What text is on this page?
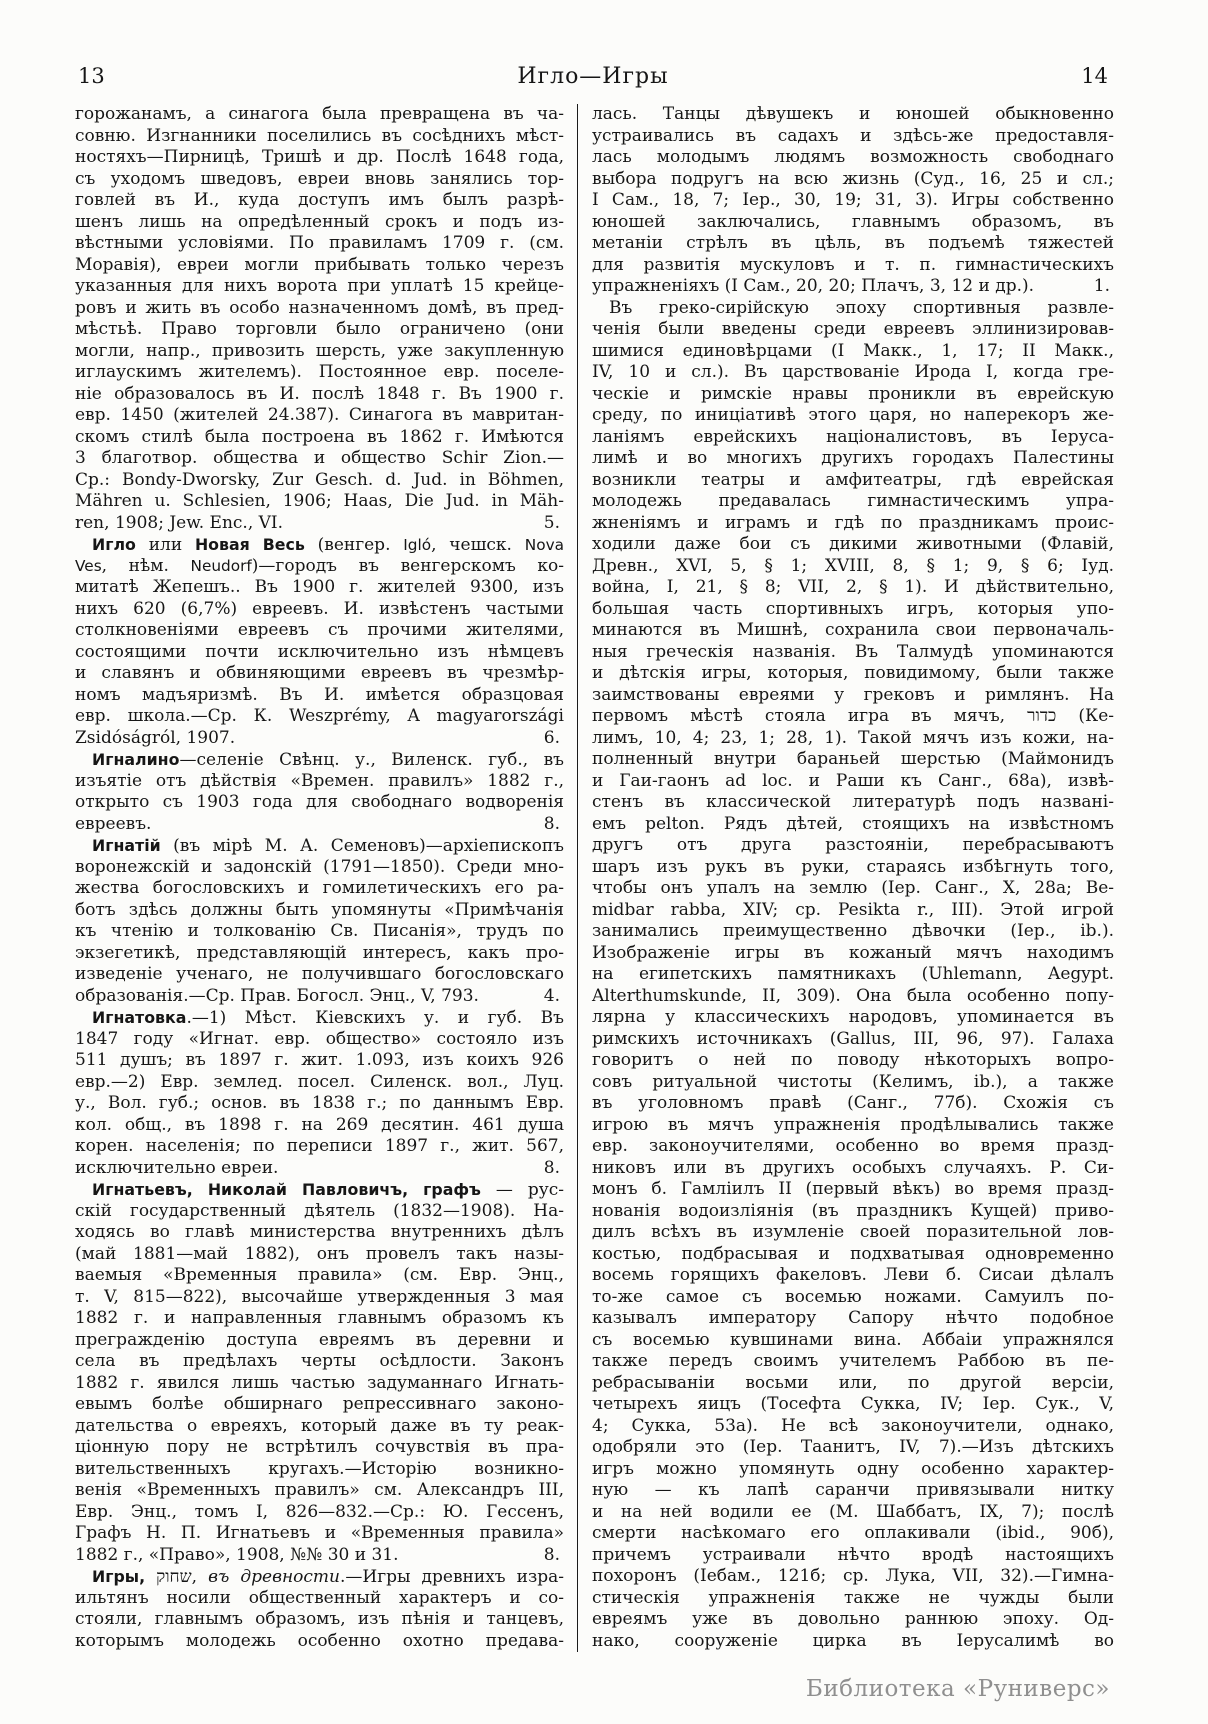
13	Игло—Игры	14
горожанамъ, а синагога была превращена въ ча-
совню. Изгнанники поселились въ сосѣднихъ мѣст-
ностяхъ—Пирницѣ, Тришѣ и др. Послѣ 1648 года,
съ уходомъ шведовъ, евреи вновь занялись тор-
говлей въ И., куда доступъ имъ былъ разрѣ-
шенъ лишь на опредѣленный срокъ и подъ из-
вѣстными условіями. По правиламъ 1709 г. (см.
Моравія), евреи могли прибывать только черезъ
указанныя для нихъ ворота при уплатѣ 15 крейце-
ровъ и жить въ особо назначенномъ домѣ, въ пред-
мѣстьѣ. Право торговли было ограничено (они
могли, напр., привозить шерсть, уже закупленную
иглаускимъ жителемъ). Постоянное евр. поселе-
ніе образовалось въ И. послѣ 1848 г. Въ 1900 г.
евр. 1450 (жителей 24.387). Синагога въ мавритан-
скомъ стилѣ была построена въ 1862 г. Имѣются
3 благотвор. общества и общество Schir Zion.—
Ср.: Bondy-Dworsky, Zur Gesch. d. Jud. in Böhmen,
Mähren u. Schlesien, 1906; Haas, Die Jud. in Mäh-
ren, 1908; Jew. Enc., VI.	5.
 Игло или Новая Весь (венгер. Igló, чешск. Nova
Ves, нѣм. Neudorf)—городъ въ венгерскомъ ко-
митатѣ Жепешъ.. Въ 1900 г. жителей 9300, изъ
нихъ 620 (6,7%) евреевъ. И. извѣстенъ частыми
столкновеніями евреевъ съ прочими жителями,
состоящими почти исключительно изъ нѣмцевъ
и славянъ и обвиняющими евреевъ въ чрезмѣр-
номъ мадъяризмѣ. Въ И. имѣется образцовая
евр. школа.—Ср. К. Weszprémy, A magyarországi
Zsidóságról, 1907.	6.
 Игналино—селеніе Свѣнц. у., Виленск. губ., въ
изъятіе отъ дѣйствія «Времен. правилъ» 1882 г.,
открыто съ 1903 года для свободнаго водворенія
евреевъ.	8.
 Игнатій (въ мірѣ М. А. Семеновъ)—архіепископъ
воронежскій и задонскій (1791—1850). Среди мно-
жества богословскихъ и гомилетическихъ его ра-
ботъ здѣсь должны быть упомянуты «Примѣчанія
къ чтенію и толкованію Св. Писанія», трудъ по
экзегетикѣ, представляющій интересъ, какъ про-
изведеніе ученаго, не получившаго богословскаго
образованія.—Ср. Прав. Богосл. Энц., V, 793.	4.
 Игнатовка.—1) Мѣст. Кіевскихъ у. и губ. Въ
1847 году «Игнат. евр. общество» состояло изъ
511 душъ; въ 1897 г. жит. 1.093, изъ коихъ 926
евр.—2) Евр. землед. посел. Силенск. вол., Луц.
у., Вол. губ.; основ. въ 1838 г.; по даннымъ Евр.
кол. общ., въ 1898 г. на 269 десятин. 461 душа
корен. населенія; по переписи 1897 г., жит. 567,
исключительно евреи.	8.
 Игнатьевъ, Николай Павловичъ, графъ — рус-
скій государственный дѣятель (1832—1908). На-
ходясь во главѣ министерства внутреннихъ дѣлъ
(май 1881—май 1882), онъ провелъ такъ назы-
ваемыя «Временныя правила» (см. Евр. Энц.,
т. V, 815—822), высочайше утвержденныя 3 мая
1882 г. и направленныя главнымъ образомъ къ
прегражденію доступа евреямъ въ деревни и
села въ предѣлахъ черты осѣдлости. Законъ
1882 г. явился лишь частью задуманнаго Игнать-
евымъ болѣе обширнаго репрессивнаго законо-
дательства о евреяхъ, который даже въ ту реак-
ціонную пору не встрѣтилъ сочувствія въ пра-
вительственныхъ кругахъ.—Исторію возникно-
венія «Временныхъ правилъ» см. Александръ III,
Евр. Энц., томъ I, 826—832.—Ср.: Ю. Гессенъ,
Графъ Н. П. Игнатьевъ и «Временныя правила»
1882 г., «Право», 1908, №№ 30 и 31.	8.
 Игры, שחוק, въ древности.—Игры древнихъ изра-
ильтянъ носили общественный характеръ и со-
стояли, главнымъ образомъ, изъ пѣнія и танцевъ,
которымъ молодежь особенно охотно предава-
лась. Танцы дѣвушекъ и юношей обыкновенно
устраивались въ садахъ и здѣсь-же предоставля-
лась молодымъ людямъ возможность свободнаго
выбора подругъ на всю жизнь (Суд., 16, 25 и сл.;
I Сам., 18, 7; Іер., 30, 19; 31, 3). Игры собственно
юношей заключались, главнымъ образомъ, въ
метаніи стрѣлъ въ цѣль, въ подъемѣ тяжестей
для развитія мускуловъ и т. п. гимнастическихъ
упражненіяхъ (I Сам., 20, 20; Плачъ, 3, 12 и др.).	1.
 Въ греко-сирійскую эпоху спортивныя развле-
ченія были введены среди евреевъ эллинизировав-
шимися единовѣрцами (I Макк., 1, 17; II Макк.,
IV, 10 и сл.). Въ царствованіе Ирода I, когда гре-
ческіе и римскіе нравы проникли въ еврейскую
среду, по иниціативѣ этого царя, но наперекоръ же-
ланіямъ еврейскихъ націоналистовъ, въ Іеруса-
лимѣ и во многихъ другихъ городахъ Палестины
возникли театры и амфитеатры, гдѣ еврейская
молодежь предавалась гимнастическимъ упра-
жненіямъ и играмъ и гдѣ по праздникамъ проис-
ходили даже бои съ дикими животными (Флавій,
Древн., XVI, 5, § 1; XVIII, 8, § 1; 9, § 6; Іуд.
война, I, 21, § 8; VII, 2, § 1). И дѣйствительно,
большая часть спортивныхъ игръ, которыя упо-
минаются въ Мишнѣ, сохранила свои первоначаль-
ныя греческія названія. Въ Талмудѣ упоминаются
и дѣтскія игры, которыя, повидимому, были также
заимствованы евреями у грековъ и римлянъ. На
первомъ мѣстѣ стояла игра въ мячъ, כדור (Ке-
лимъ, 10, 4; 23, 1; 28, 1). Такой мячъ изъ кожи, на-
полненный внутри бараньей шерстью (Маймонидъ
и Гаи-гаонъ ad loc. и Раши къ Санг., 68а), извѣ-
стенъ въ классической литературѣ подъ названі-
емъ pelton. Рядъ дѣтей, стоящихъ на извѣстномъ
другъ отъ друга разстояніи, перебрасываютъ
шаръ изъ рукъ въ руки, стараясь избѣгнуть того,
чтобы онъ упалъ на землю (Іер. Санг., X, 28а; Be-
midbar rabba, XIV; ср. Pesikta r., III). Этой игрой
занимались преимущественно дѣвочки (Іер., ib.).
Изображеніе игры въ кожаный мячъ находимъ
на египетскихъ памятникахъ (Uhlemann, Aegypt.
Alterthumskunde, II, 309). Она была особенно попу-
лярна у классическихъ народовъ, упоминается въ
римскихъ источникахъ (Gallus, III, 96, 97). Галаха
говоритъ о ней по поводу нѣкоторыхъ вопро-
совъ ритуальной чистоты (Келимъ, ib.), а также
въ уголовномъ правѣ (Санг., 77б). Схожія съ
игрою въ мячъ упражненія продѣлывались также
евр. законоучителями, особенно во время празд-
никовъ или въ другихъ особыхъ случаяхъ. Р. Си-
монъ б. Гамліилъ II (первый вѣкъ) во время празд-
нованія водоизліянія (въ праздникъ Кущей) приво-
дилъ всѣхъ въ изумленіе своей поразительной лов-
костью, подбрасывая и подхватывая одновременно
восемь горящихъ факеловъ. Леви б. Сисаи дѣлалъ
то-же самое съ восемью ножами. Самуилъ по-
казывалъ императору Сапору нѣчто подобное
съ восемью кувшинами вина. Аббаіи упражнялся
также передъ своимъ учителемъ Раббою въ пе-
ребрасываніи восьми или, по другой версіи,
четырехъ яицъ (Тосефта Сукка, IV; Іер. Сук., V,
4; Сукка, 53а). Не всѣ законоучители, однако,
одобряли это (Іер. Таанитъ, IV, 7).—Изъ дѣтскихъ
игръ можно упомянуть одну особенно характер-
ную — къ лапѣ саранчи привязывали нитку
и на ней водили ее (М. Шаббатъ, IX, 7); послѣ
смерти насѣкомаго его оплакивали (ibid., 90б),
причемъ устраивали нѣчто вродѣ настоящихъ
похоронъ (Іебам., 121б; ср. Лука, VII, 32).—Гимна-
стическія упражненія также не чужды были
евреямъ уже въ довольно раннюю эпоху. Од-
нако, сооруженіе цирка въ Іерусалимѣ во
Библиотека «Руниверс»
